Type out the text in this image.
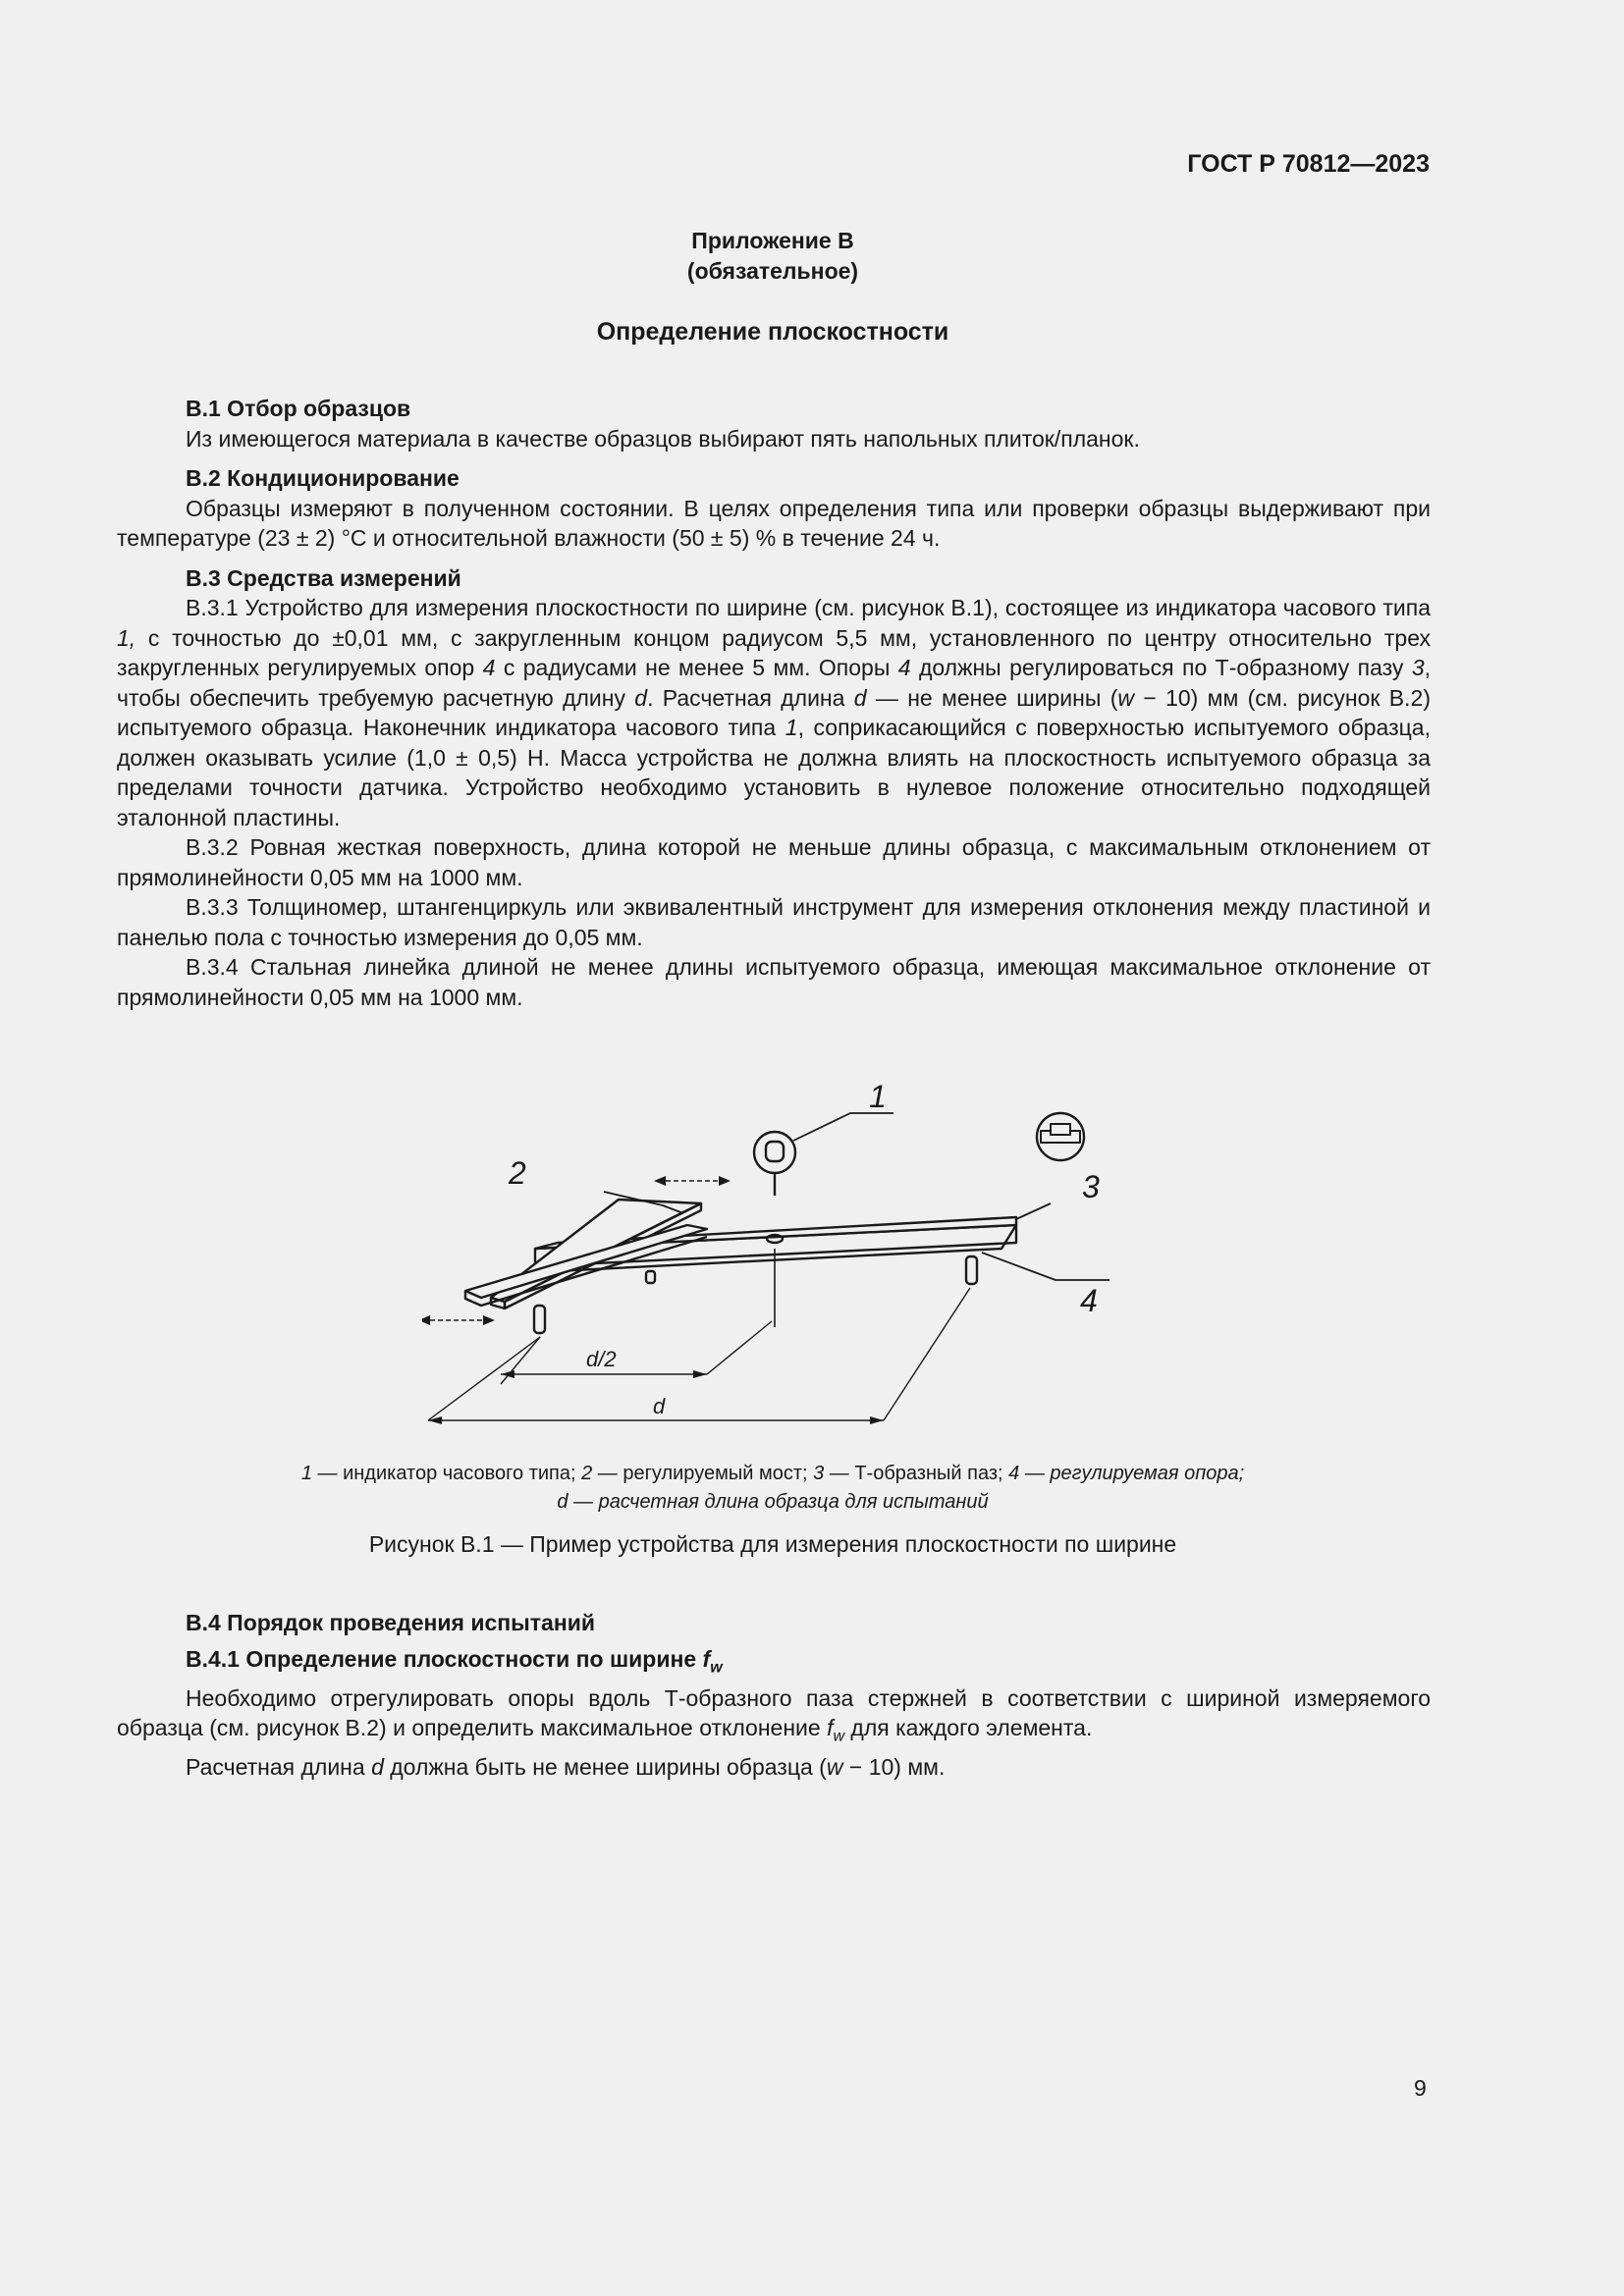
ГОСТ Р 70812—2023
Приложение В
(обязательное)
Определение плоскостности

В.1 Отбор образцов

Из имеющегося материала в качестве образцов выбирают пять напольных плиток/планок.

В.2 Кондиционирование

Образцы измеряют в полученном состоянии. В целях определения типа или проверки образцы выдерживают при температуре (23 ± 2) °С и относительной влажности (50 ± 5) % в течение 24 ч.

В.3 Средства измерений

В.3.1 Устройство для измерения плоскостности по ширине (см. рисунок В.1), состоящее из индикатора часового типа 1, с точностью до ±0,01 мм, с закругленным концом радиусом 5,5 мм, установленного по центру относительно трех закругленных регулируемых опор 4 с радиусами не менее 5 мм. Опоры 4 должны регулироваться по Т-образному пазу 3, чтобы обеспечить требуемую расчетную длину d. Расчетная длина d — не менее ширины (w − 10) мм (см. рисунок В.2) испытуемого образца. Наконечник индикатора часового типа 1, соприкасающийся с поверхностью испытуемого образца, должен оказывать усилие (1,0 ± 0,5) Н. Масса устройства не должна влиять на плоскостность испытуемого образца за пределами точности датчика. Устройство необходимо установить в нулевое положение относительно подходящей эталонной пластины.

В.3.2 Ровная жесткая поверхность, длина которой не меньше длины образца, с максимальным отклонением от прямолинейности 0,05 мм на 1000 мм.

В.3.3 Толщиномер, штангенциркуль или эквивалентный инструмент для измерения отклонения между пластиной и панелью пола с точностью измерения до 0,05 мм.

В.3.4 Стальная линейка длиной не менее длины испытуемого образца, имеющая максимальное отклонение от прямолинейности 0,05 мм на 1000 мм.

1
2	3
4
d/2
d
1 — индикатор часового типа; 2 — регулируемый мост; 3 — Т-образный паз; 4 — регулируемая опора;
d — расчетная длина образца для испытаний
Рисунок В.1 — Пример устройства для измерения плоскостности по ширине

В.4 Порядок проведения испытаний

В.4.1 Определение плоскостности по ширине $f_w$

Необходимо отрегулировать опоры вдоль Т-образного паза стержней в соответствии с шириной измеряемого образца (см. рисунок В.2) и определить максимальное отклонение $f_w$ для каждого элемента.

Расчетная длина d должна быть не менее ширины образца (w − 10) мм.

9
